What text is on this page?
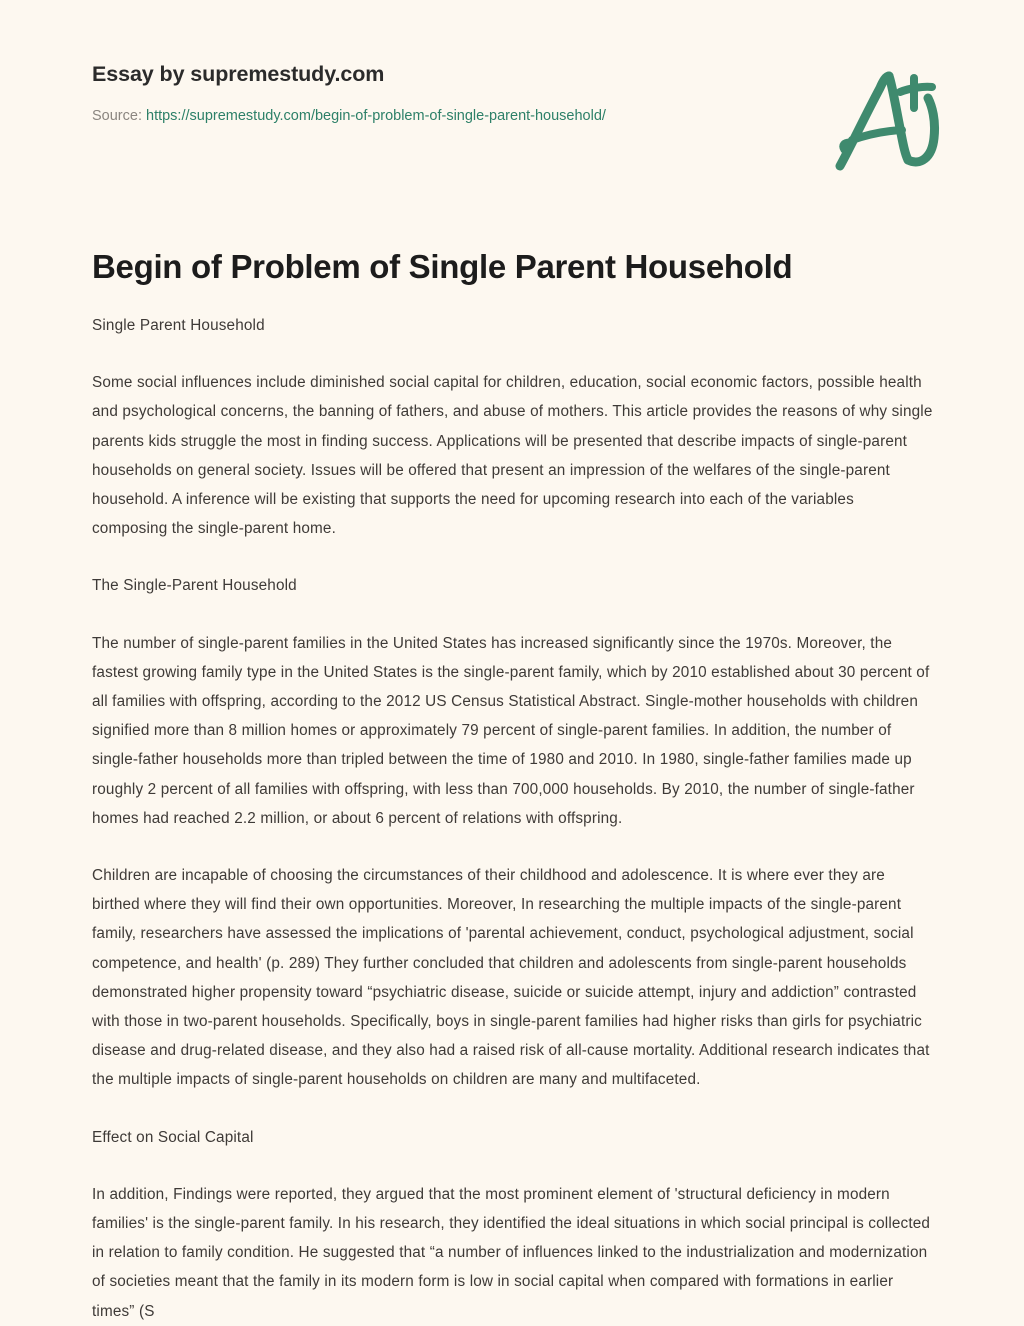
Essay by supremestudy.com
Source: https://supremestudy.com/begin-of-problem-of-single-parent-household/
Begin of Problem of Single Parent Household

Single Parent Household

Some social influences include diminished social capital for children, education, social economic factors, possible health and psychological concerns, the banning of fathers, and abuse of mothers. This article provides the reasons of why single parents kids struggle the most in finding success. Applications will be presented that describe impacts of single-parent households on general society. Issues will be offered that present an impression of the welfares of the single-parent household. A inference will be existing that supports the need for upcoming research into each of the variables composing the single-parent home.

The Single-Parent Household

The number of single-parent families in the United States has increased significantly since the 1970s. Moreover, the fastest growing family type in the United States is the single-parent family, which by 2010 established about 30 percent of all families with offspring, according to the 2012 US Census Statistical Abstract. Single-mother households with children signified more than 8 million homes or approximately 79 percent of single-parent families. In addition, the number of single-father households more than tripled between the time of 1980 and 2010. In 1980, single-father families made up roughly 2 percent of all families with offspring, with less than 700,000 households. By 2010, the number of single-father homes had reached 2.2 million, or about 6 percent of relations with offspring.

Children are incapable of choosing the circumstances of their childhood and adolescence. It is where ever they are birthed where they will find their own opportunities. Moreover, In researching the multiple impacts of the single-parent family, researchers have assessed the implications of 'parental achievement, conduct, psychological adjustment, social competence, and health' (p. 289) They further concluded that children and adolescents from single-parent households demonstrated higher propensity toward “psychiatric disease, suicide or suicide attempt, injury and addiction” contrasted with those in two-parent households. Specifically, boys in single-parent families had higher risks than girls for psychiatric disease and drug-related disease, and they also had a raised risk of all-cause mortality. Additional research indicates that the multiple impacts of single-parent households on children are many and multifaceted.

Effect on Social Capital

In addition, Findings were reported, they argued that the most prominent element of 'structural deficiency in modern families' is the single-parent family. In his research, they identified the ideal situations in which social principal is collected in relation to family condition. He suggested that “a number of influences linked to the industrialization and modernization of societies meant that the family in its modern form is low in social capital when compared with formations in earlier times” (S
